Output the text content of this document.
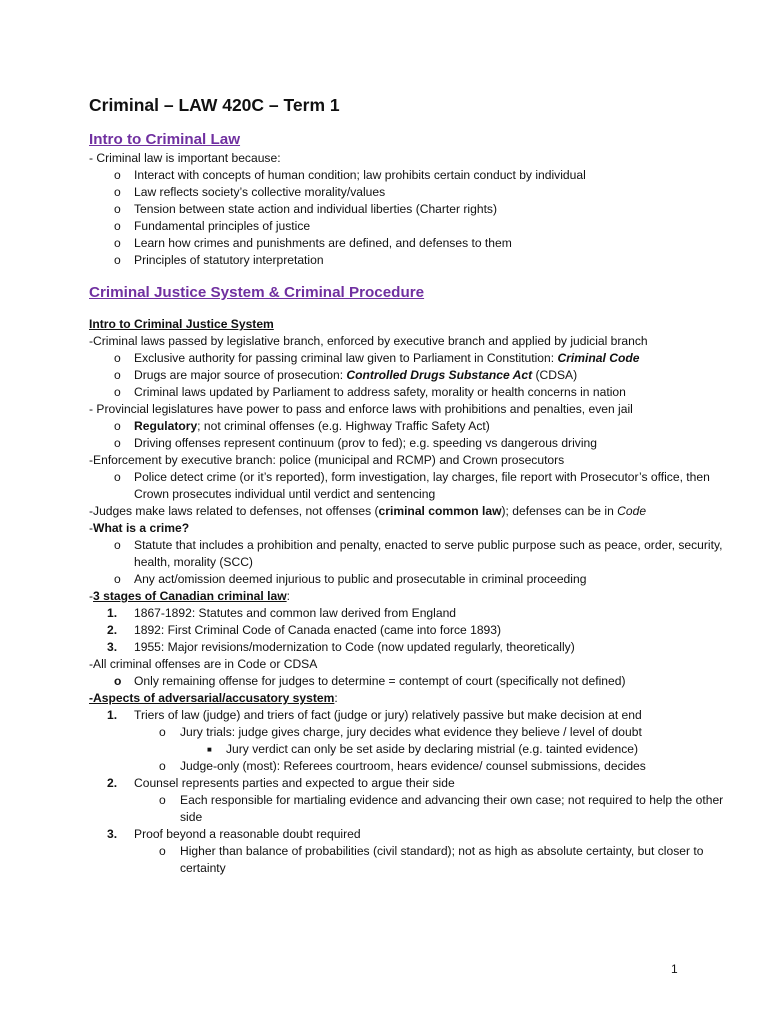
Criminal – LAW 420C – Term 1
Intro to Criminal Law
- Criminal law is important because:
o Interact with concepts of human condition; law prohibits certain conduct by individual
o Law reflects society’s collective morality/values
o Tension between state action and individual liberties (Charter rights)
o Fundamental principles of justice
o Learn how crimes and punishments are defined, and defenses to them
o Principles of statutory interpretation
Criminal Justice System & Criminal Procedure
Intro to Criminal Justice System
-Criminal laws passed by legislative branch, enforced by executive branch and applied by judicial branch
o Exclusive authority for passing criminal law given to Parliament in Constitution: Criminal Code
o Drugs are major source of prosecution: Controlled Drugs Substance Act (CDSA)
o Criminal laws updated by Parliament to address safety, morality or health concerns in nation
- Provincial legislatures have power to pass and enforce laws with prohibitions and penalties, even jail
o Regulatory; not criminal offenses (e.g. Highway Traffic Safety Act)
o Driving offenses represent continuum (prov to fed); e.g. speeding vs dangerous driving
-Enforcement by executive branch: police (municipal and RCMP) and Crown prosecutors
o Police detect crime (or it’s reported), form investigation, lay charges, file report with Prosecutor’s office, then Crown prosecutes individual until verdict and sentencing
-Judges make laws related to defenses, not offenses (criminal common law); defenses can be in Code
-What is a crime?
o Statute that includes a prohibition and penalty, enacted to serve public purpose such as peace, order, security, health, morality (SCC)
o Any act/omission deemed injurious to public and prosecutable in criminal proceeding
-3 stages of Canadian criminal law:
1. 1867-1892: Statutes and common law derived from England
2. 1892: First Criminal Code of Canada enacted (came into force 1893)
3. 1955: Major revisions/modernization to Code (now updated regularly, theoretically)
-All criminal offenses are in Code or CDSA
o Only remaining offense for judges to determine = contempt of court (specifically not defined)
-Aspects of adversarial/accusatory system:
1. Triers of law (judge) and triers of fact (judge or jury) relatively passive but make decision at end
o Jury trials: judge gives charge, jury decides what evidence they believe / level of doubt
■ Jury verdict can only be set aside by declaring mistrial (e.g. tainted evidence)
o Judge-only (most): Referees courtroom, hears evidence/ counsel submissions, decides
2. Counsel represents parties and expected to argue their side
o Each responsible for martialing evidence and advancing their own case; not required to help the other side
3. Proof beyond a reasonable doubt required
o Higher than balance of probabilities (civil standard); not as high as absolute certainty, but closer to certainty
1
